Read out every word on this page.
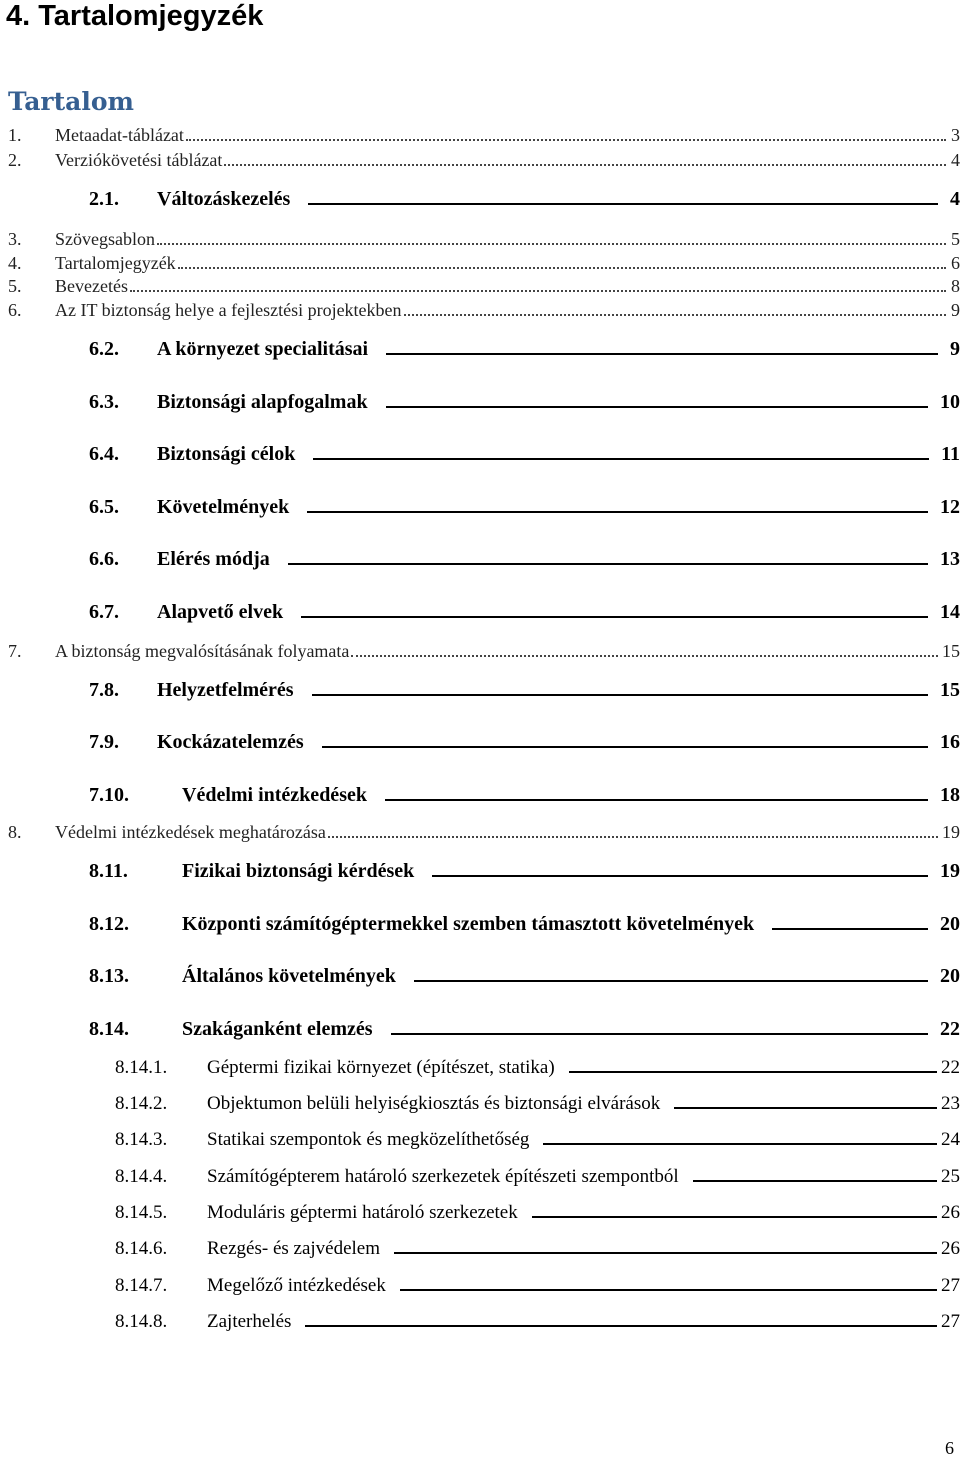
4. Tartalomjegyzék
Tartalom
1.	Metaadat-táblázat	3
2.	Verziókövetési táblázat	4
2.1.	Változáskezelés	4
3.	Szövegsablon	5
4.	Tartalomjegyzék	6
5.	Bevezetés	8
6.	Az IT biztonság helye a fejlesztési projektekben	9
6.2.	A környezet specialitásai	9
6.3.	Biztonsági alapfogalmak	10
6.4.	Biztonsági célok	11
6.5.	Követelmények	12
6.6.	Elérés módja	13
6.7.	Alapvető elvek	14
7.	A biztonság megvalósításának folyamata	15
7.8.	Helyzetfelmérés	15
7.9.	Kockázatelemzés	16
7.10.	Védelmi intézkedések	18
8.	Védelmi intézkedések meghatározása	19
8.11.	Fizikai biztonsági kérdések	19
8.12.	Központi számítógéptermekkel szemben támasztott követelmények	20
8.13.	Általános követelmények	20
8.14.	Szakáganként elemzés	22
8.14.1.	Géptermi fizikai környezet (építészet, statika)	22
8.14.2.	Objektumon belüli helyiségkiosztás és biztonsági elvárások	23
8.14.3.	Statikai szempontok és megközelíthetőség	24
8.14.4.	Számítógépterem határoló szerkezetek építészeti szempontból	25
8.14.5.	Moduláris géptermi határoló szerkezetek	26
8.14.6.	Rezgés- és zajvédelem	26
8.14.7.	Megelőző intézkedések	27
8.14.8.	Zajterhelés	27
6
